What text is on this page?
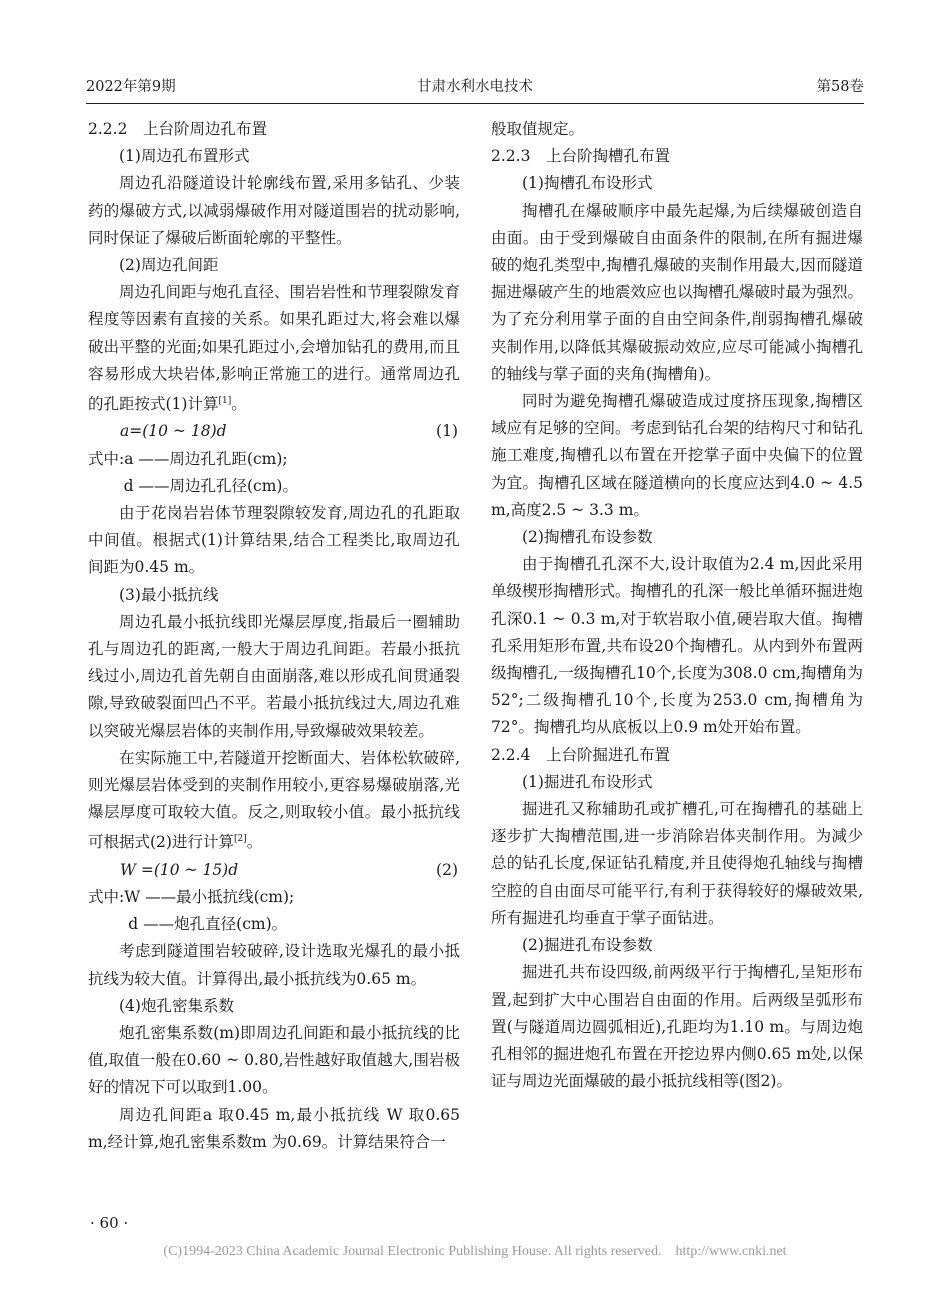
2022年第9期	甘肃水利水电技术	第58卷

2.2.2　上台阶周边孔布置

(1)周边孔布置形式

周边孔沿隧道设计轮廓线布置,采用多钻孔、少装药的爆破方式,以减弱爆破作用对隧道围岩的扰动影响,同时保证了爆破后断面轮廓的平整性。

(2)周边孔间距

周边孔间距与炮孔直径、围岩岩性和节理裂隙发育程度等因素有直接的关系。如果孔距过大,将会难以爆破出平整的光面;如果孔距过小,会增加钻孔的费用,而且容易形成大块岩体,影响正常施工的进行。通常周边孔的孔距按式(1)计算[1]。

a=(10 ~ 18)d	(1)

式中:a ——周边孔孔距(cm);

d ——周边孔孔径(cm)。

由于花岗岩岩体节理裂隙较发育,周边孔的孔距取中间值。根据式(1)计算结果,结合工程类比,取周边孔间距为0.45 m。

(3)最小抵抗线

周边孔最小抵抗线即光爆层厚度,指最后一圈辅助孔与周边孔的距离,一般大于周边孔间距。若最小抵抗线过小,周边孔首先朝自由面崩落,难以形成孔间贯通裂隙,导致破裂面凹凸不平。若最小抵抗线过大,周边孔难以突破光爆层岩体的夹制作用,导致爆破效果较差。

在实际施工中,若隧道开挖断面大、岩体松软破碎,则光爆层岩体受到的夹制作用较小,更容易爆破崩落,光爆层厚度可取较大值。反之,则取较小值。最小抵抗线可根据式(2)进行计算[2]。

W =(10 ~ 15)d	(2)

式中:W ——最小抵抗线(cm);

d ——炮孔直径(cm)。

考虑到隧道围岩较破碎,设计选取光爆孔的最小抵抗线为较大值。计算得出,最小抵抗线为0.65 m。

(4)炮孔密集系数

炮孔密集系数(m)即周边孔间距和最小抵抗线的比值,取值一般在0.60 ~ 0.80,岩性越好取值越大,围岩极好的情况下可以取到1.00。

周边孔间距a 取0.45 m,最小抵抗线 W 取0.65 m,经计算,炮孔密集系数m 为0.69。计算结果符合一

般取值规定。

2.2.3　上台阶掏槽孔布置

(1)掏槽孔布设形式

掏槽孔在爆破顺序中最先起爆,为后续爆破创造自由面。由于受到爆破自由面条件的限制,在所有掘进爆破的炮孔类型中,掏槽孔爆破的夹制作用最大,因而隧道掘进爆破产生的地震效应也以掏槽孔爆破时最为强烈。为了充分利用掌子面的自由空间条件,削弱掏槽孔爆破夹制作用,以降低其爆破振动效应,应尽可能减小掏槽孔的轴线与掌子面的夹角(掏槽角)。

同时为避免掏槽孔爆破造成过度挤压现象,掏槽区域应有足够的空间。考虑到钻孔台架的结构尺寸和钻孔施工难度,掏槽孔以布置在开挖掌子面中央偏下的位置为宜。掏槽孔区域在隧道横向的长度应达到4.0 ~ 4.5 m,高度2.5 ~ 3.3 m。

(2)掏槽孔布设参数

由于掏槽孔孔深不大,设计取值为2.4 m,因此采用单级楔形掏槽形式。掏槽孔的孔深一般比单循环掘进炮孔深0.1 ~ 0.3 m,对于软岩取小值,硬岩取大值。掏槽孔采用矩形布置,共布设20个掏槽孔。从内到外布置两级掏槽孔,一级掏槽孔10个,长度为308.0 cm,掏槽角为52°;二级掏槽孔10个,长度为253.0 cm,掏槽角为72°。掏槽孔均从底板以上0.9 m处开始布置。

2.2.4　上台阶掘进孔布置

(1)掘进孔布设形式

掘进孔又称辅助孔或扩槽孔,可在掏槽孔的基础上逐步扩大掏槽范围,进一步消除岩体夹制作用。为减少总的钻孔长度,保证钻孔精度,并且使得炮孔轴线与掏槽空腔的自由面尽可能平行,有利于获得较好的爆破效果,所有掘进孔均垂直于掌子面钻进。

(2)掘进孔布设参数

掘进孔共布设四级,前两级平行于掏槽孔,呈矩形布置,起到扩大中心围岩自由面的作用。后两级呈弧形布置(与隧道周边圆弧相近),孔距均为1.10 m。与周边炮孔相邻的掘进炮孔布置在开挖边界内侧0.65 m处,以保证与周边光面爆破的最小抵抗线相等(图2)。

· 60 ·
(C)1994-2023 China Academic Journal Electronic Publishing House. All rights reserved.　http://www.cnki.net
